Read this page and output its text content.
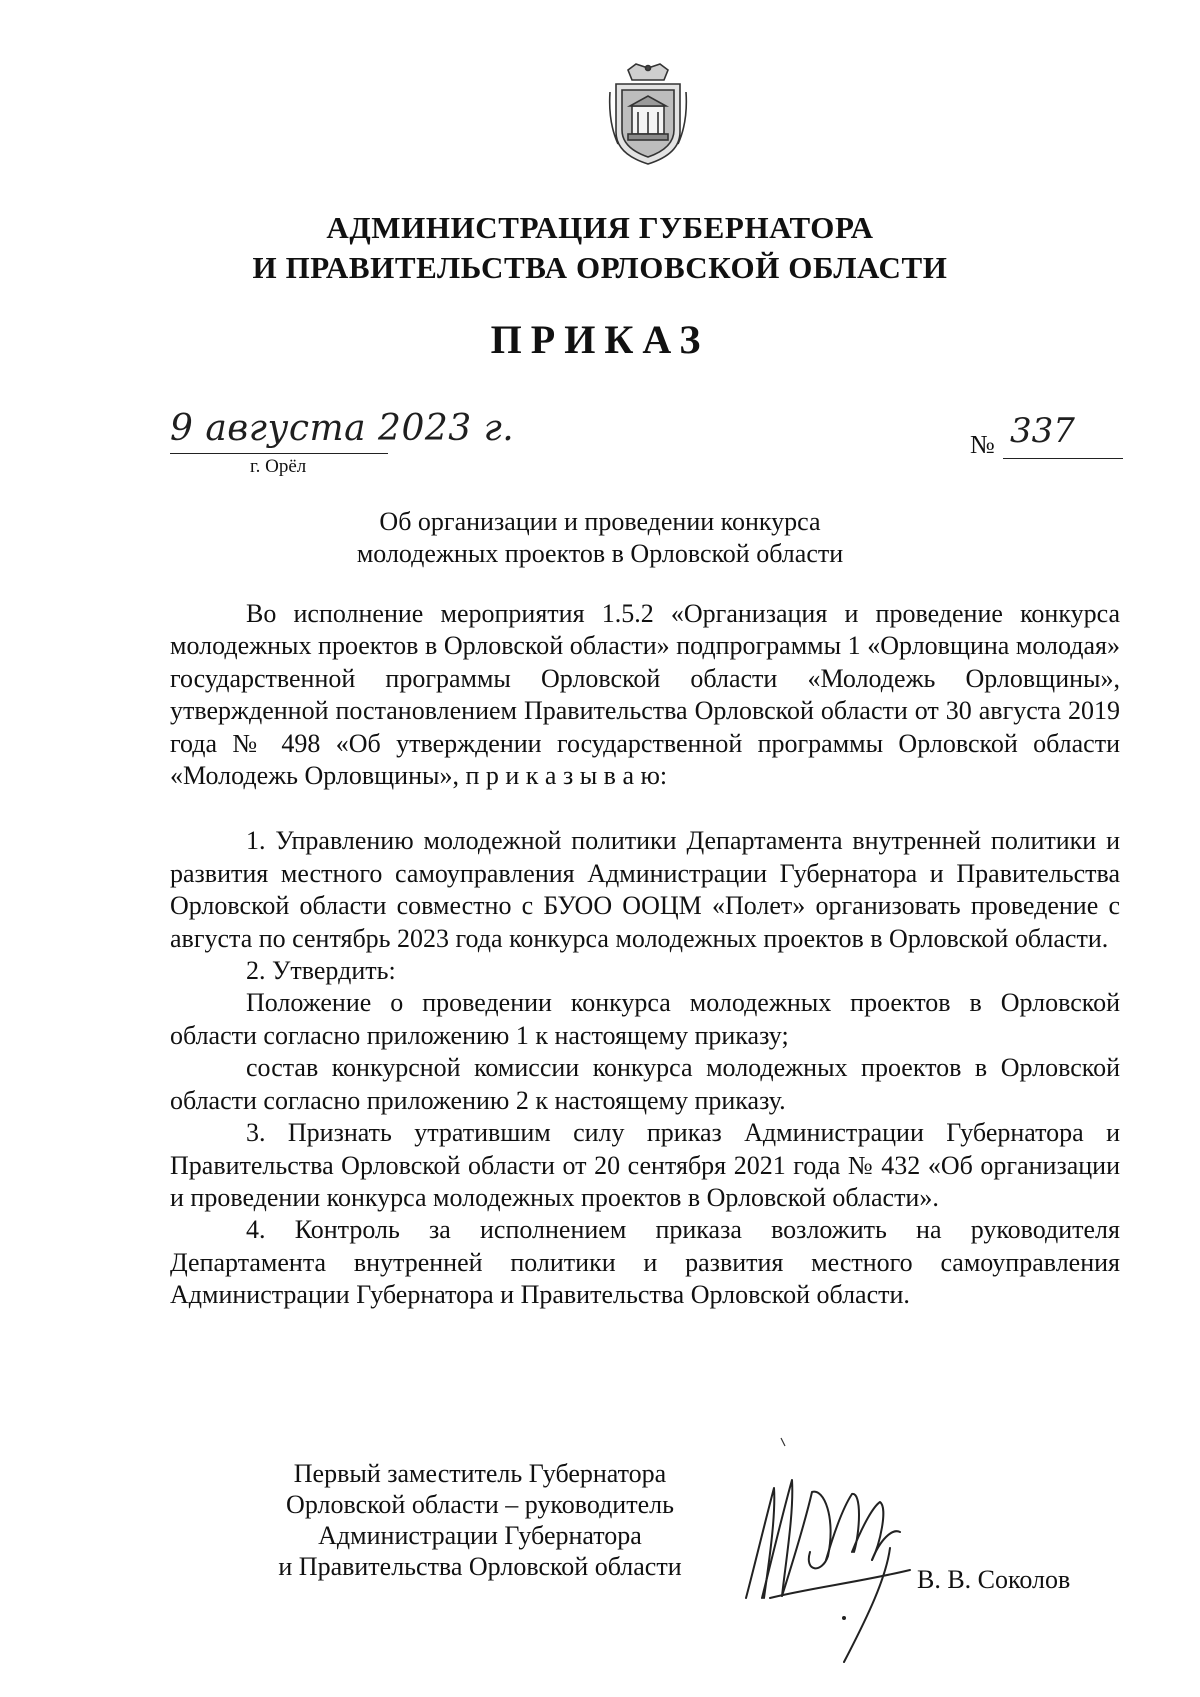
АДМИНИСТРАЦИЯ ГУБЕРНАТОРА
И ПРАВИТЕЛЬСТВА ОРЛОВСКОЙ ОБЛАСТИ
ПРИКАЗ
9 августа 2023 г.
г. Орёл
№ 337
Об организации и проведении конкурса
молодежных проектов в Орловской области

Во исполнение мероприятия 1.5.2 «Организация и проведение конкурса молодежных проектов в Орловской области» подпрограммы 1 «Орловщина молодая» государственной программы Орловской области «Молодежь Орловщины», утвержденной постановлением Правительства Орловской области от 30 августа 2019 года № 498 «Об утверждении государственной программы Орловской области «Молодежь Орловщины», п р и к а з ы в а ю:

1. Управлению молодежной политики Департамента внутренней политики и развития местного самоуправления Администрации Губернатора и Правительства Орловской области совместно с БУОО ООЦМ «Полет» организовать проведение с августа по сентябрь 2023 года конкурса молодежных проектов в Орловской области.

2. Утвердить:

Положение о проведении конкурса молодежных проектов в Орловской области согласно приложению 1 к настоящему приказу;

состав конкурсной комиссии конкурса молодежных проектов в Орловской области согласно приложению 2 к настоящему приказу.

3. Признать утратившим силу приказ Администрации Губернатора и Правительства Орловской области от 20 сентября 2021 года № 432 «Об организации и проведении конкурса молодежных проектов в Орловской области».

4. Контроль за исполнением приказа возложить на руководителя Департамента внутренней политики и развития местного самоуправления Администрации Губернатора и Правительства Орловской области.

Первый заместитель Губернатора
Орловской области – руководитель
Администрации Губернатора
и Правительства Орловской области	В. В. Соколов
